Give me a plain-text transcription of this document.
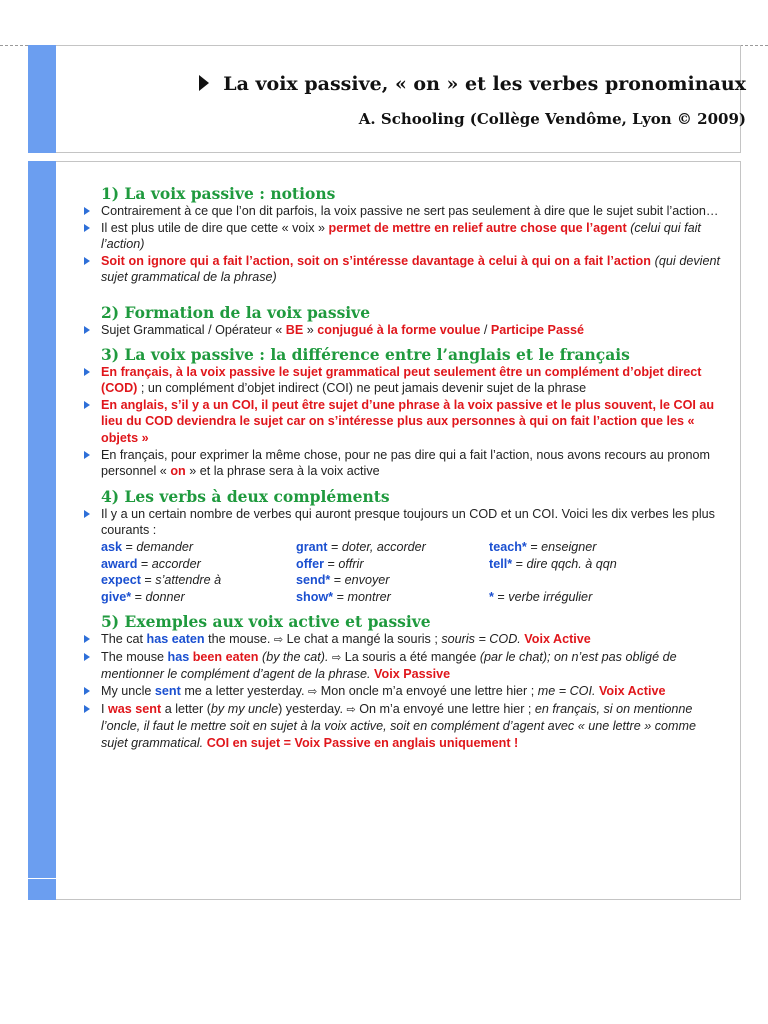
La voix passive, « on » et les verbes pronominaux
A. Schooling (Collège Vendôme, Lyon © 2009)
1) La voix passive : notions

Contrairement à ce que l’on dit parfois, la voix passive ne sert pas seulement à dire que le sujet subit l’action…

Il est plus utile de dire que cette « voix » permet de mettre en relief autre chose que l’agent (celui qui fait l’action)

Soit on ignore qui a fait l’action, soit on s’intéresse davantage à celui à qui on a fait l’action (qui devient sujet grammatical de la phrase)

2) Formation de la voix passive

Sujet Grammatical / Opérateur « BE » conjugué à la forme voulue / Participe Passé

3) La voix passive : la différence entre l’anglais et le français

En français, à la voix passive le sujet grammatical peut seulement être un complément d’objet direct (COD) ; un complément d’objet indirect (COI) ne peut jamais devenir sujet de la phrase

En anglais, s’il y a un COI, il peut être sujet d’une phrase à la voix passive et le plus souvent, le COI au lieu du COD deviendra le sujet car on s’intéresse plus aux personnes à qui on fait l’action que les « objets »

En français, pour exprimer la même chose, pour ne pas dire qui a fait l’action, nous avons recours au pronom personnel « on » et la phrase sera à la voix active

4) Les verbs à deux compléments

Il y a un certain nombre de verbes qui auront presque toujours un COD et un COI. Voici les dix verbes les plus courants :

ask = demander	grant = doter, accorder	teach* = enseigner
award = accorder	offer = offrir	tell* = dire qqch. à qqn
expect = s’attendre à	send* = envoyer
give* = donner	show* = montrer	* = verbe irrégulier
5) Exemples aux voix active et passive

The cat has eaten the mouse. ⇨ Le chat a mangé la souris ; souris = COD. Voix Active

The mouse has been eaten (by the cat). ⇨ La souris a été mangée (par le chat); on n’est pas obligé de mentionner le complément d’agent de la phrase. Voix Passive

My uncle sent me a letter yesterday. ⇨ Mon oncle m’a envoyé une lettre hier ; me = COI. Voix Active

I was sent a letter (by my uncle) yesterday. ⇨ On m’a envoyé une lettre hier ; en français, si on mentionne l’oncle, il faut le mettre soit en sujet à la voix active, soit en complément d’agent avec « une lettre » comme sujet grammatical. COI en sujet = Voix Passive en anglais uniquement !
